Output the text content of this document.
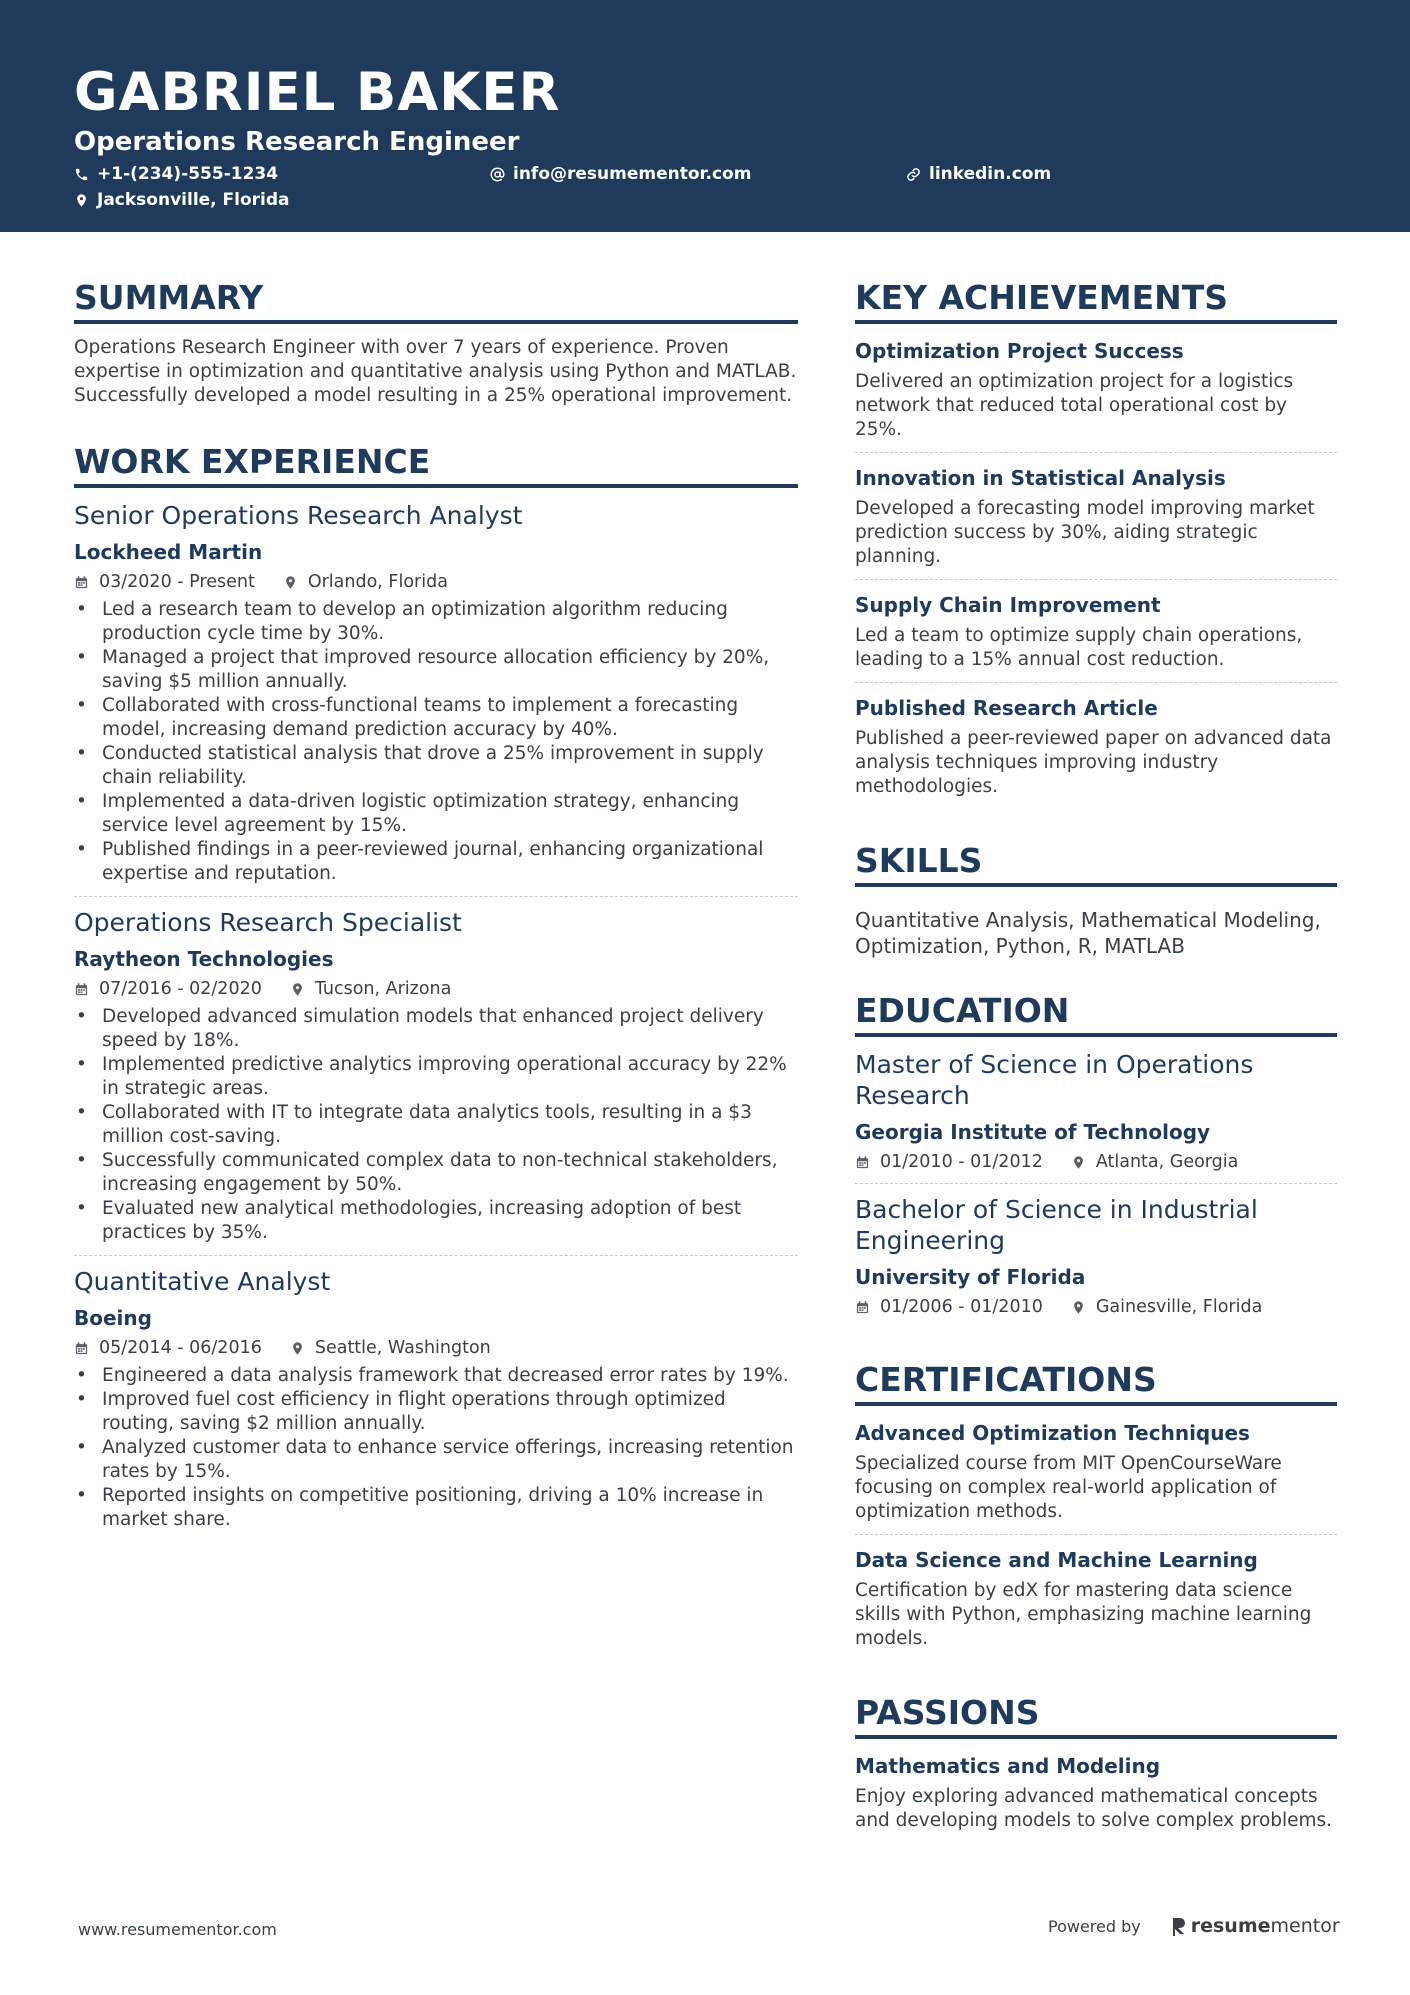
GABRIEL BAKER
Operations Research Engineer
+1-(234)-555-1234	info@resumementor.com	linkedin.com
Jacksonville, Florida
SUMMARY
Operations Research Engineer with over 7 years of experience. Proven expertise in optimization and quantitative analysis using Python and MATLAB. Successfully developed a model resulting in a 25% operational improvement.
WORK EXPERIENCE
Senior Operations Research Analyst
Lockheed Martin
03/2020 - Present	Orlando, Florida
• Led a research team to develop an optimization algorithm reducing production cycle time by 30%.
• Managed a project that improved resource allocation efficiency by 20%, saving $5 million annually.
• Collaborated with cross-functional teams to implement a forecasting model, increasing demand prediction accuracy by 40%.
• Conducted statistical analysis that drove a 25% improvement in supply chain reliability.
• Implemented a data-driven logistic optimization strategy, enhancing service level agreement by 15%.
• Published findings in a peer-reviewed journal, enhancing organizational expertise and reputation.
Operations Research Specialist
Raytheon Technologies
07/2016 - 02/2020	Tucson, Arizona
• Developed advanced simulation models that enhanced project delivery speed by 18%.
• Implemented predictive analytics improving operational accuracy by 22% in strategic areas.
• Collaborated with IT to integrate data analytics tools, resulting in a $3 million cost-saving.
• Successfully communicated complex data to non-technical stakeholders, increasing engagement by 50%.
• Evaluated new analytical methodologies, increasing adoption of best practices by 35%.
Quantitative Analyst
Boeing
05/2014 - 06/2016	Seattle, Washington
• Engineered a data analysis framework that decreased error rates by 19%.
• Improved fuel cost efficiency in flight operations through optimized routing, saving $2 million annually.
• Analyzed customer data to enhance service offerings, increasing retention rates by 15%.
• Reported insights on competitive positioning, driving a 10% increase in market share.
KEY ACHIEVEMENTS
Optimization Project Success
Delivered an optimization project for a logistics network that reduced total operational cost by 25%.
Innovation in Statistical Analysis
Developed a forecasting model improving market prediction success by 30%, aiding strategic planning.
Supply Chain Improvement
Led a team to optimize supply chain operations, leading to a 15% annual cost reduction.
Published Research Article
Published a peer-reviewed paper on advanced data analysis techniques improving industry methodologies.
SKILLS
Quantitative Analysis, Mathematical Modeling, Optimization, Python, R, MATLAB
EDUCATION
Master of Science in Operations Research
Georgia Institute of Technology
01/2010 - 01/2012	Atlanta, Georgia
Bachelor of Science in Industrial Engineering
University of Florida
01/2006 - 01/2010	Gainesville, Florida
CERTIFICATIONS
Advanced Optimization Techniques
Specialized course from MIT OpenCourseWare focusing on complex real-world application of optimization methods.
Data Science and Machine Learning
Certification by edX for mastering data science skills with Python, emphasizing machine learning models.
PASSIONS
Mathematics and Modeling
Enjoy exploring advanced mathematical concepts and developing models to solve complex problems.
www.resumementor.com	Powered by	resume mentor
